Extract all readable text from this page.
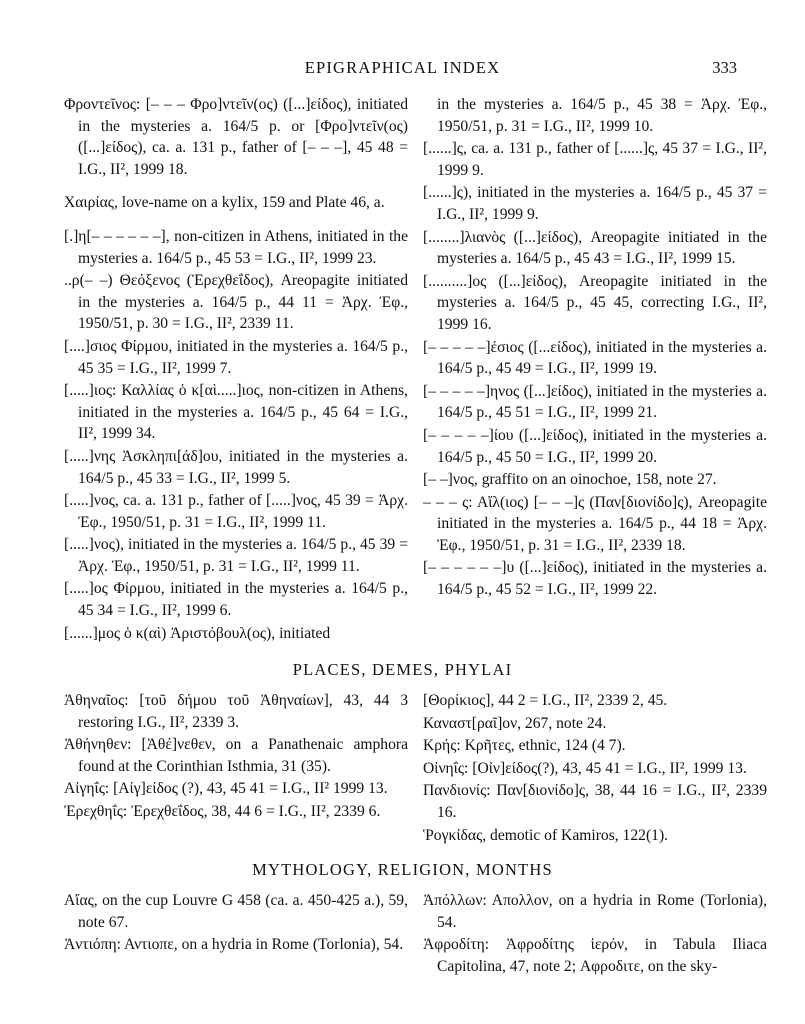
EPIGRAPHICAL INDEX	333

Φροντεῖνος: [– – – Φρο]ντεῖν(ος) ([...]είδος), initiated in the mysteries a. 164/5 p. or [Φρο]ντεῖν(ος) ([...]είδος), ca. a. 131 p., father of [– – –], 45 48 = I.G., II², 1999 18.

Χαιρίας, love-name on a kylix, 159 and Plate 46, a.

[.]η[– – – – – –], non-citizen in Athens, initiated in the mysteries a. 164/5 p., 45 53 = I.G., II², 1999 23.

..ρ(– –) Θεόξενος (Ἐρεχθεΐδος), Areopagite initiated in the mysteries a. 164/5 p., 44 11 = Ἀρχ. Ἐφ., 1950/51, p. 30 = I.G., II², 2339 11.

[....]σιος Φίρμου, initiated in the mysteries a. 164/5 p., 45 35 = I.G., II², 1999 7.

[.....]ιος: Καλλίας ὁ κ[αὶ.....]ιος, non-citizen in Athens, initiated in the mysteries a. 164/5 p., 45 64 = I.G., II², 1999 34.

[.....]νης Ἀσκληπι[άδ]ου, initiated in the mysteries a. 164/5 p., 45 33 = I.G., II², 1999 5.

[.....]νος, ca. a. 131 p., father of [.....]νος, 45 39 = Ἀρχ. Ἐφ., 1950/51, p. 31 = I.G., II², 1999 11.

[.....]νος), initiated in the mysteries a. 164/5 p., 45 39 = Ἀρχ. Ἐφ., 1950/51, p. 31 = I.G., II², 1999 11.

[.....]ος Φίρμου, initiated in the mysteries a. 164/5 p., 45 34 = I.G., II², 1999 6.

[......]μος ὁ κ(αὶ) Ἀριστόβουλ(ος), initiated

in the mysteries a. 164/5 p., 45 38 = Ἀρχ. Ἐφ., 1950/51, p. 31 = I.G., II², 1999 10.

[......]ς, ca. a. 131 p., father of [......]ς, 45 37 = I.G., II², 1999 9.

[......]ς), initiated in the mysteries a. 164/5 p., 45 37 = I.G., II², 1999 9.

[........]λιανὸς ([...]είδος), Areopagite initiated in the mysteries a. 164/5 p., 45 43 = I.G., II², 1999 15.

[..........]ος ([...]είδος), Areopagite initiated in the mysteries a. 164/5 p., 45 45, correcting I.G., II², 1999 16.

[– – – – –]έσιος ([...είδος), initiated in the mysteries a. 164/5 p., 45 49 = I.G., II², 1999 19.

[– – – – –]ηνος ([...]είδος), initiated in the mysteries a. 164/5 p., 45 51 = I.G., II², 1999 21.

[– – – – –]ίου ([...]είδος), initiated in the mysteries a. 164/5 p., 45 50 = I.G., II², 1999 20.

[– –]νος, graffito on an oinochoe, 158, note 27.

– – – ς: Αἴλ(ιος) [– – –]ς (Παν[διονίδο]ς), Areopagite initiated in the mysteries a. 164/5 p., 44 18 = Ἀρχ. Ἐφ., 1950/51, p. 31 = I.G., II², 2339 18.

[– – – – – –]υ ([...]είδος), initiated in the mysteries a. 164/5 p., 45 52 = I.G., II², 1999 22.

PLACES, DEMES, PHYLAI

Ἀθηναῖος: [τοῦ δήμου τοῦ Ἀθηναίων], 43, 44 3 restoring I.G., II², 2339 3.

Ἀθήνηθεν: [Ἀθέ]νεθεν, on a Panathenaic amphora found at the Corinthian Isthmia, 31 (35).

Αἰγηΐς: [Αἰγ]είδος (?), 43, 45 41 = I.G., II² 1999 13.

Ἐρεχθηΐς: Ἐρεχθεΐδος, 38, 44 6 = I.G., II², 2339 6.

[Θορίκιος], 44 2 = I.G., II², 2339 2, 45.

Καναστ[ραῖ]ον, 267, note 24.

Κρής: Κρῆτες, ethnic, 124 (4 7).

Οἰνηΐς: [Οἰν]είδος(?), 43, 45 41 = I.G., II², 1999 13.

Πανδιονίς: Παν[διονίδο]ς, 38, 44 16 = I.G., II², 2339 16.

Ῥογκίδας, demotic of Kamiros, 122(1).

MYTHOLOGY, RELIGION, MONTHS

Αἴας, on the cup Louvre G 458 (ca. a. 450-425 a.), 59, note 67.

Ἀντιόπη: Αντιοπε, on a hydria in Rome (Torlonia), 54.

Ἀπόλλων: Απολλον, on a hydria in Rome (Torlonia), 54.

Ἀφροδίτη: Ἀφροδίτης ἱερόν, in Tabula Iliaca Capitolina, 47, note 2; Αφροδιτε, on the sky-
